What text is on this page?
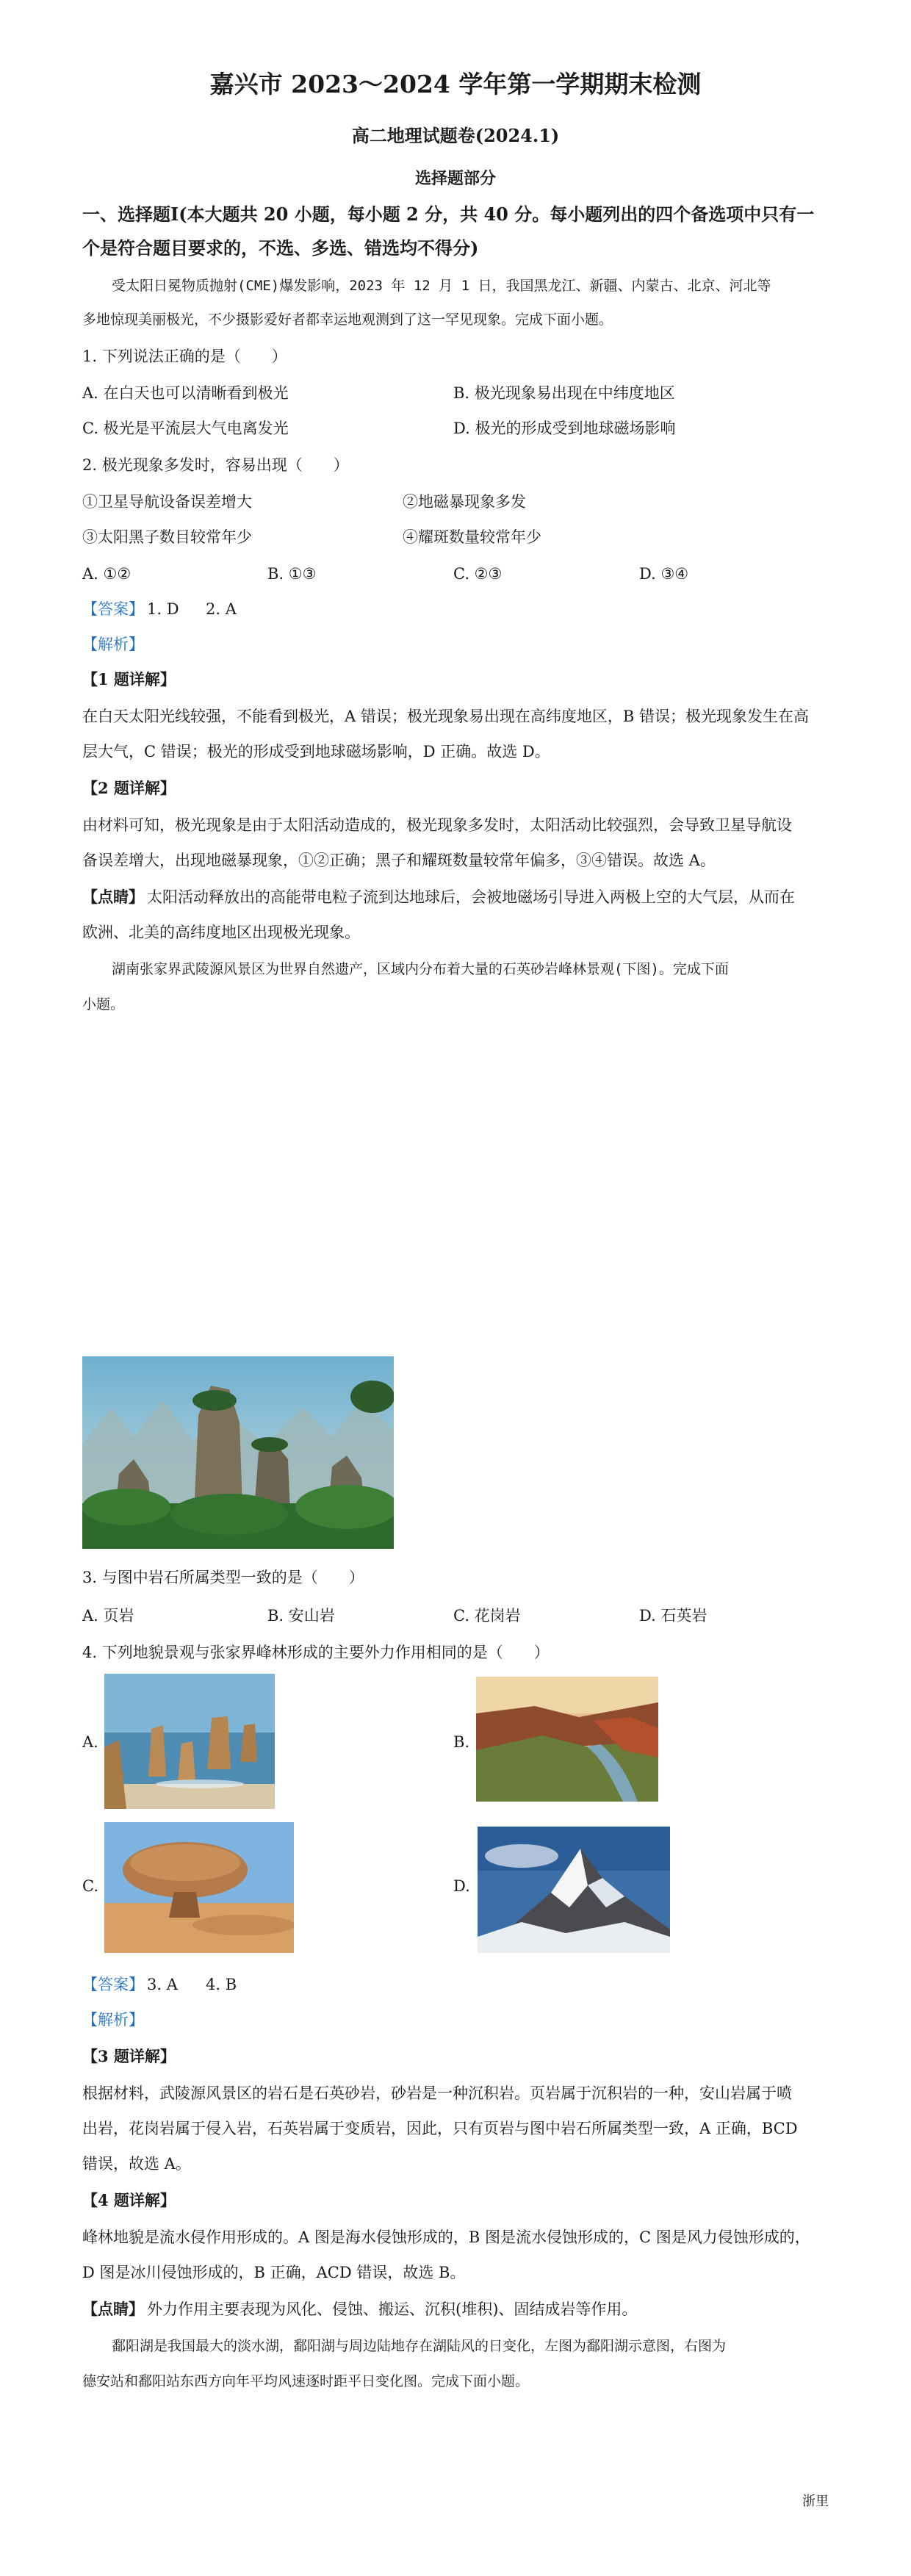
嘉兴市 2023～2024 学年第一学期期末检测
高二地理试题卷(2024.1)
选择题部分
一、选择题Ⅰ(本大题共 20 小题，每小题 2 分，共 40 分。每小题列出的四个备选项中只有一
个是符合题目要求的，不选、多选、错选均不得分)
受太阳日冕物质抛射(CME)爆发影响，2023 年 12 月 1 日，我国黑龙江、新疆、内蒙古、北京、河北等
多地惊现美丽极光，不少摄影爱好者都幸运地观测到了这一罕见现象。完成下面小题。
1. 下列说法正确的是（　　）
A. 在白天也可以清晰看到极光	B. 极光现象易出现在中纬度地区
C. 极光是平流层大气电离发光	D. 极光的形成受到地球磁场影响
2. 极光现象多发时，容易出现（　　）
①卫星导航设备误差增大	②地磁暴现象多发
③太阳黑子数目较常年少	④耀斑数量较常年少
A. ①②	B. ①③	C. ②③	D. ③④
【答案】 1. D 2. A
【解析】
【1 题详解】
在白天太阳光线较强，不能看到极光，A 错误；极光现象易出现在高纬度地区，B 错误；极光现象发生在高
层大气，C 错误；极光的形成受到地球磁场影响，D 正确。故选 D。
【2 题详解】
由材料可知，极光现象是由于太阳活动造成的，极光现象多发时，太阳活动比较强烈，会导致卫星导航设
备误差增大，出现地磁暴现象，①②正确；黑子和耀斑数量较常年偏多，③④错误。故选 A。
【点睛】 太阳活动释放出的高能带电粒子流到达地球后，会被地磁场引导进入两极上空的大气层，从而在
欧洲、北美的高纬度地区出现极光现象。
湖南张家界武陵源风景区为世界自然遗产，区域内分布着大量的石英砂岩峰林景观(下图)。完成下面
小题。
3. 与图中岩石所属类型一致的是（　　）
A. 页岩	B. 安山岩	C. 花岗岩	D. 石英岩
4. 下列地貌景观与张家界峰林形成的主要外力作用相同的是（　　）
A.	B.
C.	D.
【答案】 3. A 4. B
【解析】
【3 题详解】
根据材料，武陵源风景区的岩石是石英砂岩，砂岩是一种沉积岩。页岩属于沉积岩的一种，安山岩属于喷
出岩，花岗岩属于侵入岩，石英岩属于变质岩，因此，只有页岩与图中岩石所属类型一致，A 正确，BCD
错误，故选 A。
【4 题详解】
峰林地貌是流水侵作用形成的。A 图是海水侵蚀形成的，B 图是流水侵蚀形成的，C 图是风力侵蚀形成的，
D 图是冰川侵蚀形成的，B 正确，ACD 错误，故选 B。
【点睛】 外力作用主要表现为风化、侵蚀、搬运、沉积(堆积)、固结成岩等作用。
鄱阳湖是我国最大的淡水湖，鄱阳湖与周边陆地存在湖陆风的日变化，左图为鄱阳湖示意图，右图为
德安站和鄱阳站东西方向年平均风速逐时距平日变化图。完成下面小题。
浙里
